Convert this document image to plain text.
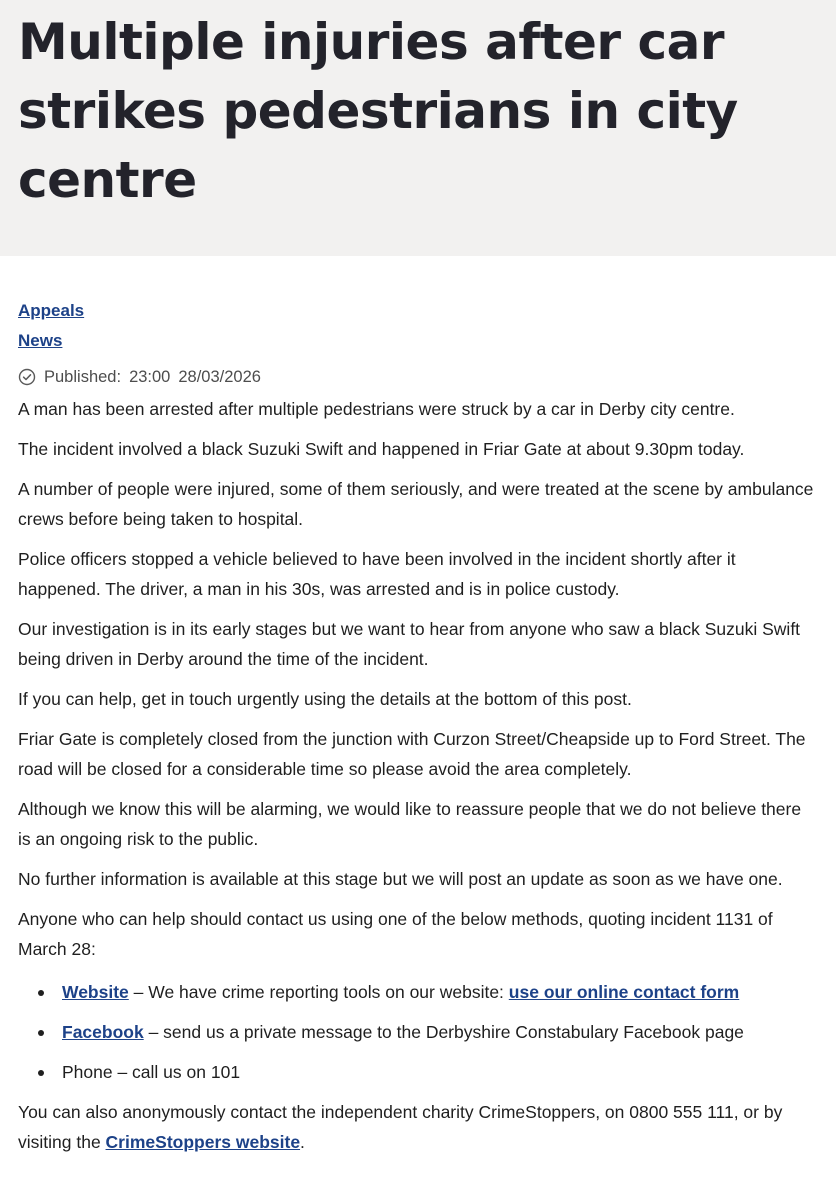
Multiple injuries after car strikes pedestrians in city centre
Appeals
News
Published: 23:00 28/03/2026

A man has been arrested after multiple pedestrians were struck by a car in Derby city centre.

The incident involved a black Suzuki Swift and happened in Friar Gate at about 9.30pm today.

A number of people were injured, some of them seriously, and were treated at the scene by ambulance crews before being taken to hospital.

Police officers stopped a vehicle believed to have been involved in the incident shortly after it happened. The driver, a man in his 30s, was arrested and is in police custody.

Our investigation is in its early stages but we want to hear from anyone who saw a black Suzuki Swift being driven in Derby around the time of the incident.

If you can help, get in touch urgently using the details at the bottom of this post.

Friar Gate is completely closed from the junction with Curzon Street/Cheapside up to Ford Street. The road will be closed for a considerable time so please avoid the area completely.

Although we know this will be alarming, we would like to reassure people that we do not believe there is an ongoing risk to the public.

No further information is available at this stage but we will post an update as soon as we have one.

Anyone who can help should contact us using one of the below methods, quoting incident 1131 of March 28:

Website – We have crime reporting tools on our website: use our online contact form
Facebook – send us a private message to the Derbyshire Constabulary Facebook page
Phone – call us on 101

You can also anonymously contact the independent charity CrimeStoppers, on 0800 555 111, or by visiting the CrimeStoppers website.
